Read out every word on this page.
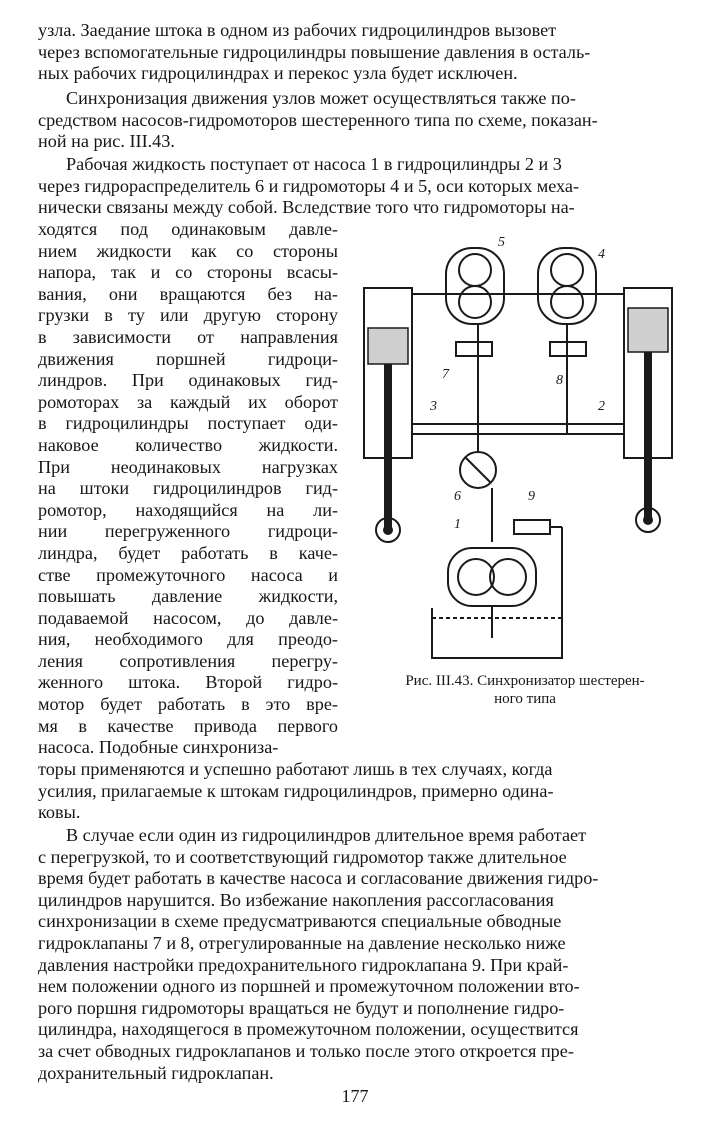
узла. Заедание штока в одном из рабочих гидроцилиндров вызовет
через вспомогательные гидроцилиндры повышение давления в осталь-
ных рабочих гидроцилиндрах и перекос узла будет исключен.

Синхронизация движения узлов может осуществляться также по-
средством насосов-гидромоторов шестеренного типа по схеме, показан-
ной на рис. III.43.

Рабочая жидкость поступает от насоса 1 в гидроцилиндры 2 и 3
через гидрораспределитель 6 и гидромоторы 4 и 5, оси которых меха-
нически связаны между собой. Вследствие того что гидромоторы на-

ходятся под одинаковым давле-
нием жидкости как со стороны
напора, так и со стороны всасы-
вания, они вращаются без на-
грузки в ту или другую сторону
в зависимости от направления
движения поршней гидроци-
линдров. При одинаковых гид-
ромоторах за каждый их оборот
в гидроцилиндры поступает оди-
наковое количество жидкости.
При неодинаковых нагрузках
на штоки гидроцилиндров гид-
ромотор, находящийся на ли-
нии перегруженного гидроци-
линдра, будет работать в каче-
стве промежуточного насоса и
повышать давление жидкости,
подаваемой насосом, до давле-
ния, необходимого для преодо-
ления сопротивления перегру-
женного штока. Второй гидро-
мотор будет работать в это вре-
мя в качестве привода первого
насоса. Подобные синхрониза-

торы применяются и успешно работают лишь в тех случаях, когда
усилия, прилагаемые к штокам гидроцилиндров, примерно одина-
ковы.

В случае если один из гидроцилиндров длительное время работает
с перегрузкой, то и соответствующий гидромотор также длительное
время будет работать в качестве насоса и согласование движения гидро-
цилиндров нарушится. Во избежание накопления рассогласования
синхронизации в схеме предусматриваются специальные обводные
гидроклапаны 7 и 8, отрегулированные на давление несколько ниже
давления настройки предохранительного гидроклапана 9. При край-
нем положении одного из поршней и промежуточном положении вто-
рого поршня гидромоторы вращаться не будут и пополнение гидро-
цилиндра, находящегося в промежуточном положении, осуществится
за счет обводных гидроклапанов и только после этого откроется пре-
дохранительный гидроклапан.

5
4
7	8
3	2
6	9
1

Рис. III.43. Синхронизатор шестерен-
ного типа

177
